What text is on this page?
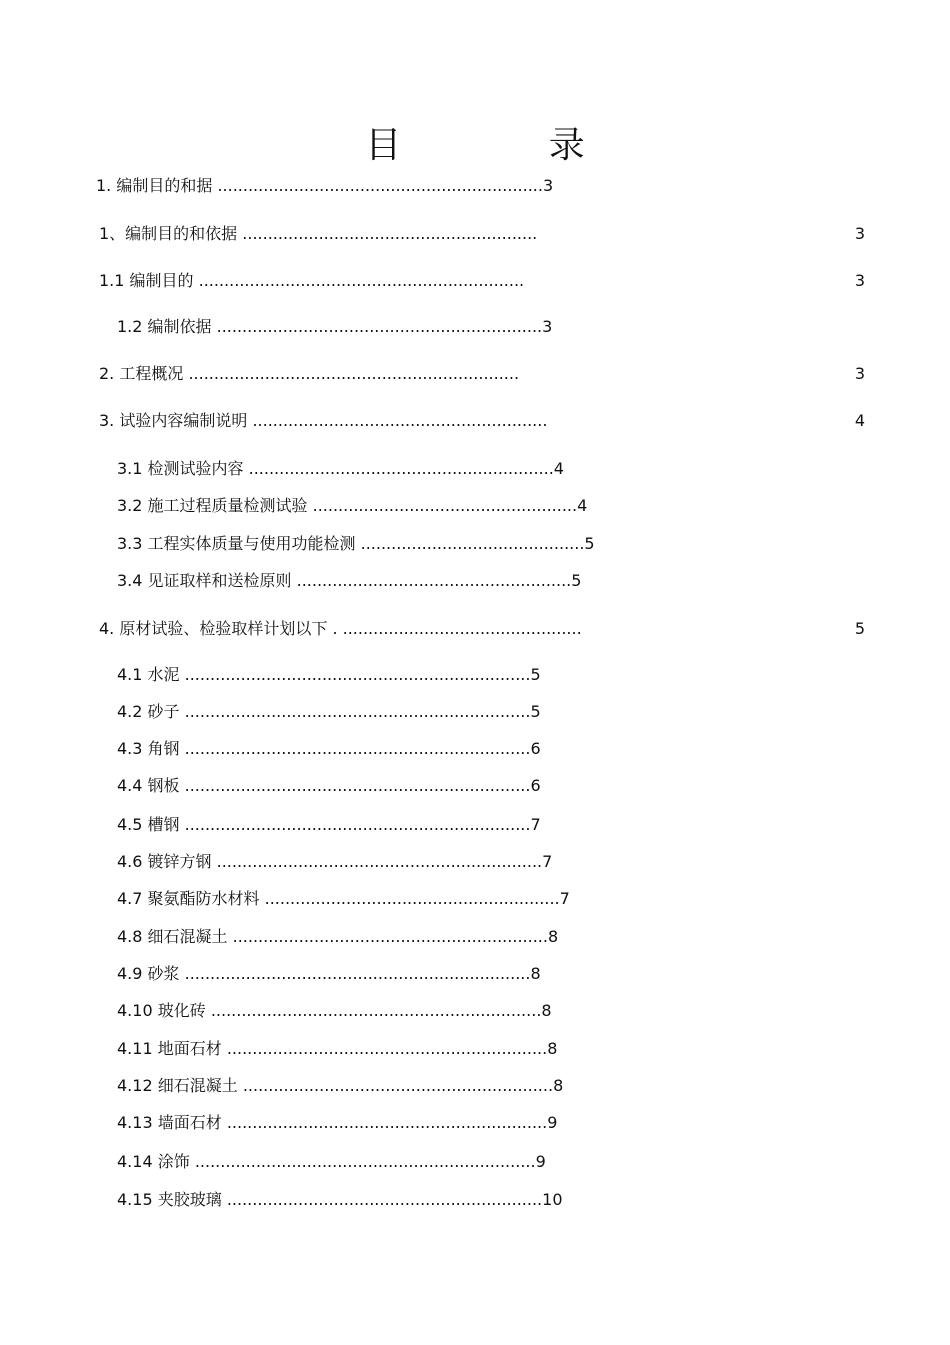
目 录
1. 编制目的和据 ................................................................3
1、编制目的和依据 ..........................................................	3
1.1 编制目的 ................................................................	3
1.2 编制依据 ................................................................3
2. 工程概况 .................................................................	3
3. 试验内容编制说明 ..........................................................	4
3.1 检测试验内容 ............................................................4
3.2 施工过程质量检测试验 ....................................................4
3.3 工程实体质量与使用功能检测 ............................................5
3.4 见证取样和送检原则 ......................................................5
4. 原材试验、检验取样计划以下 . ...............................................	5
4.1 水泥 ....................................................................5
4.2 砂子 ....................................................................5
4.3 角钢 ....................................................................6
4.4 钢板 ....................................................................6
4.5 槽钢 ....................................................................7
4.6 镀锌方钢 ................................................................7
4.7 聚氨酯防水材料 ..........................................................7
4.8 细石混凝土 ..............................................................8
4.9 砂浆 ....................................................................8
4.10 玻化砖 .................................................................8
4.11 地面石材 ...............................................................8
4.12 细石混凝土 .............................................................8
4.13 墙面石材 ...............................................................9
4.14 涂饰 ...................................................................9
4.15 夹胶玻璃 ..............................................................10
